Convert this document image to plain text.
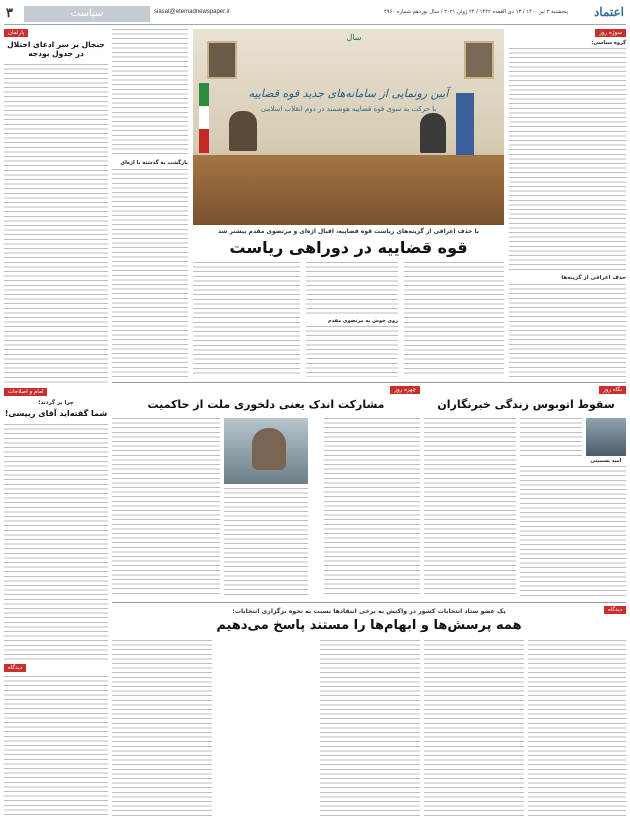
اعتماد
پنجشنبه ۳ تیر ۱۴۰۰ / ۱۳ ذی القعده ۱۴۴۲ / ۲۴ ژوئن ۲۰۲۱ / سال نوزدهم شماره ۴۹۶۰
siasat@etemadnewspaper.ir
سیاست
۳
سوژه روز
گروه سیاسی:
حذف اعراقی از گزینه‌ها
سال
آیین رونمایی از سامانه‌های جدید قوه قضاییه
با حرکت به سوی قوه قضاییه هوشمند در دوم انقلاب اسلامی
با حذف اعراقی از گزینه‌های ریاست قوه قضاییه، اقبال اژه‌ای و مرتضوی مقدم بیشتر شد
قوه قضاییه در دوراهی ریاست
روی خوش به مرتضوی مقدم
بازگشت به گذشته با اژه‌ای
پارلمان
جنجال بر سر ادعای اختلال در جدول بودجه
امام و اصلاحات
چرا بر گردند؛
شما گفته‌اید آقای رییسی!
دیدگاه
نگاه روز
سقوط اتوبوس زندگی خبرنگاران
امید بسمیتی
چهره روز
مشارکت اندک یعنی دلخوری ملت از حاکمیت
دیدگاه
یک عضو ستاد انتخابات کشور در واکنش به برخی انتقادها نسبت به نحوه برگزاری انتخابات:
همه پرسش‌ها و ابهام‌ها را مستند پاسخ می‌دهیم
